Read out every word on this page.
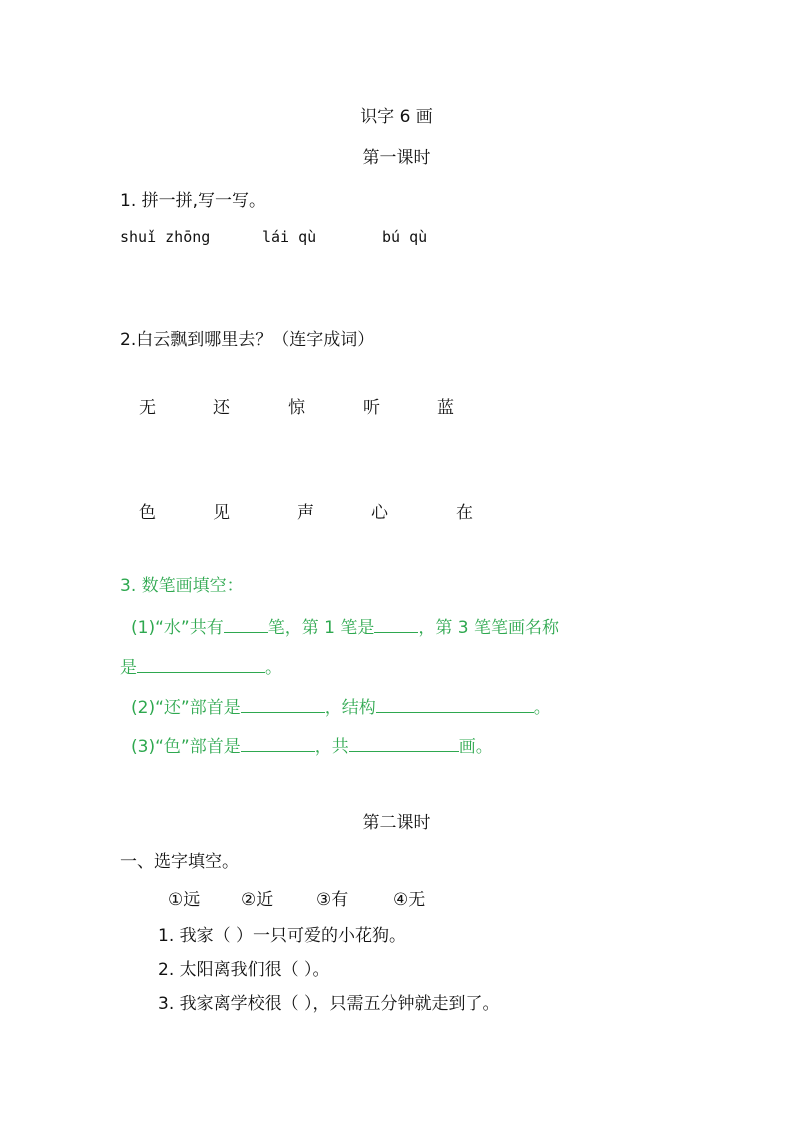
识字 6 画
第一课时
1. 拼一拼,写一写。
shuǐ zhōng	lái qù	bú qù
2.白云飘到哪里去？（连字成词）
无	还	惊	听	蓝
色	见	声	心	在
3. 数笔画填空：
(1)“水”共有	笔，第 1 笔是	，第 3 笔笔画名称
是	。
(2)“还”部首是	，结构	。
(3)“色”部首是	，共	画。
第二课时
一、选字填空。
①远 ②近	③有	④无
1. 我家（ ）一只可爱的小花狗。
2. 太阳离我们很（ ）。
3. 我家离学校很（ ），只需五分钟就走到了。
